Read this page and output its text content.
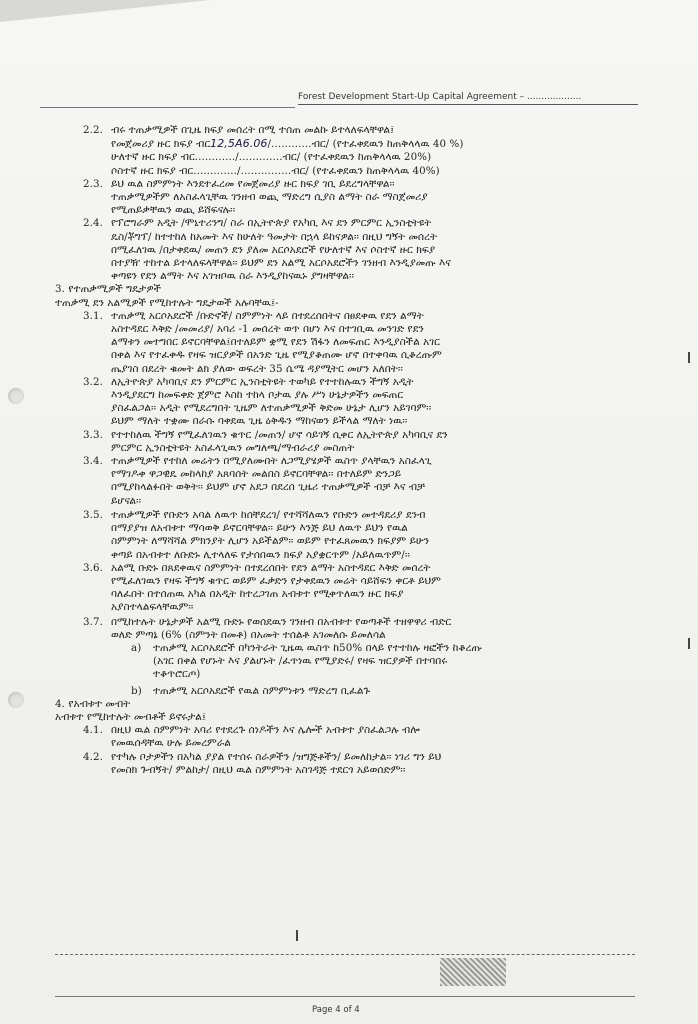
Forest Development Start-Up Capital Agreement – ...................
2.2. ብሩ ተጠቃሚዎች በጊዜ ክፍያ መሰረት በሚ ተሰጠ መልኩ ይተላለፍላቸዋል፤
የመጀመሪያ ዙር ክፍያ ብር12,5A6.06/............ብር/ (የተፈቀደዉን ከጠቅላላዉ 40 %)
ሁለተኛ ዙር ክፍያ ብር............/.............ብር/ (የተፈቀደዉን ከጠቅላላዉ 20%)
ሶስተኛ ዙር ክፍያ ብር............./...............ብር/ (የተፈቀደዉን ከጠቅላላዉ 40%)
2.3. ይህ ዉል ስምምነት እንደተፈረመ የመጀመሪያ ዙር ክፍያ ገቢ ይደረግላቸዋል፡፡
ተጠቃሚዎችም ለአስፈላጊቸዉ ገንዘብ ወጪ ማድረግ ሲያስ ልማት ስራ ማስጀመሪያ
የሚጠይቃቸዉን ወጪ ይሸፍናሉ፡፡
2.4. የፕሮግራም አዲት /ሞኒተሪንግ/ ስራ በኢትዮጵያ የአካቢ እና ደን ምርምር ኢንስቲትዩት
ዴስ/ቾግፕ/ ከተተከለ ከአመት እና ከሁለት ዓመታት በኋላ ይከናዎል፡፡ በዚህ ግኝት መሰረት
በሚፈለገዉ /በታቀደዉ/ መጠን ደን ያለመ አርሶአደሮች የሁለተኛ እና ሶስተኛ ዙር ክፍያ
በተያዥ ተከተል ይተላለፍላቸዋል፡፡ ይህም ደን አልሚ አርሶአደሮችን ገንዘብ እንዲያመጡ እና
ቀጣዩን የደን ልማት እና አገዝቦዉ ስራ እንዲያከናዉኑ ያግዛቸዋል፡፡
3. የተጠቃሚዎች ግዴታዎች
ተጠቃሚ ደን አልሚዎች የሚከተሉት ግዴታወች አሉባቸዉ፤-
3.1. ተጠቃሚ አርሶአደሮች /ቡድኖች/ ስምምነት ላይ በተደረሰበትና በፀደቀዉ የደን ልማት
አስተዳደር እቅድ /መመሪያ/ አባሪ -1 መሰረት ወጥ በሆነ እና በተገቢዉ መንገድ የደን
ልማቱን መተግበር ይኖርባቸዋል፤በተለይም ቋሚ የደን ሽፋን ለመፍጠር እንዲያስችል አገር
በቀል እና የተፈቀዱ የዛፍ ዝርያዎች በአንድ ጊዜ የሚያቆጠሙ ሆኖ በተቀባዉ ሲቆረጡም
ጤያገስ በደረት ቁመት ልክ ያለው ወፍረት 35 ሴሜ ዳያሚትር መሆን አለበት፡፡
3.2. ለኢትዮጵያ አካባቢና ደን ምርምር ኢንስቲትዩት ተወካይ የተተከሉዉን ችግኝ አዲት
እንዲያደርግ ከመፍቀድ ጀምሮ እስከ ተከላ ቦታዉ ያሉ ሥነ ሁኔታዎችን መፍጠር
ያስፈልጋል፡፡ አዲት የሚደረግበት ጊዜም ለተጠቃሚዎች ቅድመ ሁኔታ ሊሆን አይገባም፡፡
ይህም ማለት ተቋሙ በራሱ ባቀደዉ ጊዜ ዕቅዱን ማከናወን ይችላል ማለት ነዉ፡፡
3.3. የተተከለዉ ችግኝ የሚፈለገዉን ቁጥር /መጠን/ ሆኖ ሳይገኝ ሲቀር ለኢትዮጵያ አካባቢና ደን
ምርምር ኢንስቲትዩት አስፈላጊዉን መግለጫ/ማብራሪያ መስጠት
3.4. ተጠቃሚዎች የተከለ መሬትን በሚያለሙበት ለጋሚያሄዎች ዉስጥ ያላቸዉን አስፈላጊ
የማገዶቀ ዋጋዊዴ መከላከያ አጸባሰት መልበስ ይኖርባቸዋል፡፡ በተለይም ድንጋይ
በሚያከላልፉበት ወቅት፡፡ ይህም ሆኖ አደጋ በደረሰ ጊዜሪ ተጠቃሚዎች ብቻ እና ብቻ
ይሆናል፡፡
3.5. ተጠቃሚዎች የቡድን አባል ለዉጥ ከሰቸደረገ/ የተሻሻለዉን የቡድን መተዳደሪያ ደንብ
በማያያዝ ለአብቱተ ማሳወቅ ይኖርባቸዋል፡፡ ይሁን እንጅ ይህ ለዉጥ ይህን የዉል
ስምምነት ለማሻሻል ምክንያት ሊሆን አይችልም፡፡ ወይም የተፈጸመዉን ክፍያም ይሁን
ቀጣይ በአብቱተ ለቡድኑ ሊተላለፍ የታሰበዉን ክፍያ አያቋርጥም /አይለዉጥም/፡፡
3.6. አልሚ ቡድኑ በጸደቀዉና ስምምነት በተደረሰበት የደን ልማት አስተዳደር እቅድ መሰረት
የሚፈለገዉን የዛፍ ችግኝ ቁጥር ወይም ፈቃድን የታቀደዉን መሬት ሳይሸፍን ቀርቶ ይህም
ባለፈበት በተሰጠዉ አካል በአዲት ከተረጋገጠ አብቱተ የሚቀጥለዉን ዙር ክፍያ
አያስተላልፍላቸዉም፡፡
3.7. በሚከተሉት ሁኔታዎች አልሚ ቡድኑ የወሰደዉን ገንዘብ በአብቱተ የወጣቶች ተዘዋዋሪ ብድር
ወለድ ምጣኔ (6% (ስምንት በመቶ) በአመት ተሰልቶ አገመለሱ ይመለሳል
a) ተጠቃሚ አርሶአደሮች በካንትራት ጊዜዉ ዉስጥ ከ50% በላይ የተተከሉ ዛፎችን ከቆረጡ
(አገር በቀል የሆኑት እና ያልሆኑት /ፈጥነዉ የሚያድሩ/ የዛፍ ዝርያዎች በተባበሩ
ተቆጥሮርጦ)
b) ተጠቃሚ አርሶአደሮች የዉል ስምምነቱን ማድረግ ቢፈልጉ
4. የአብቱተ መብት
አብቱተ የሚከተሉት መብቶች ይኖሩታል፤
4.1. በዚህ ዉል ስምምነት አባሪ የተደረጉ ሰነዶችን እና ሌሎች አብቱተ ያስፈልጋሉ ብሎ
የመዉሰዳቸዉ ሁሉ ይመረምራል
4.2. የተካሉ ቦታዎችን በአካል ያያል የተሰሩ ስራዎችን /ዝግጅቶችን/ ይመለከታል፡፡ ነገሪ ግን ይህ
የመስክ ጉብኝት/ ምልከታ/ በዚህ ዉል ስምምነት አስገዳጅ ተደርጎ አይወሰድም፡፡
Page 4 of 4
